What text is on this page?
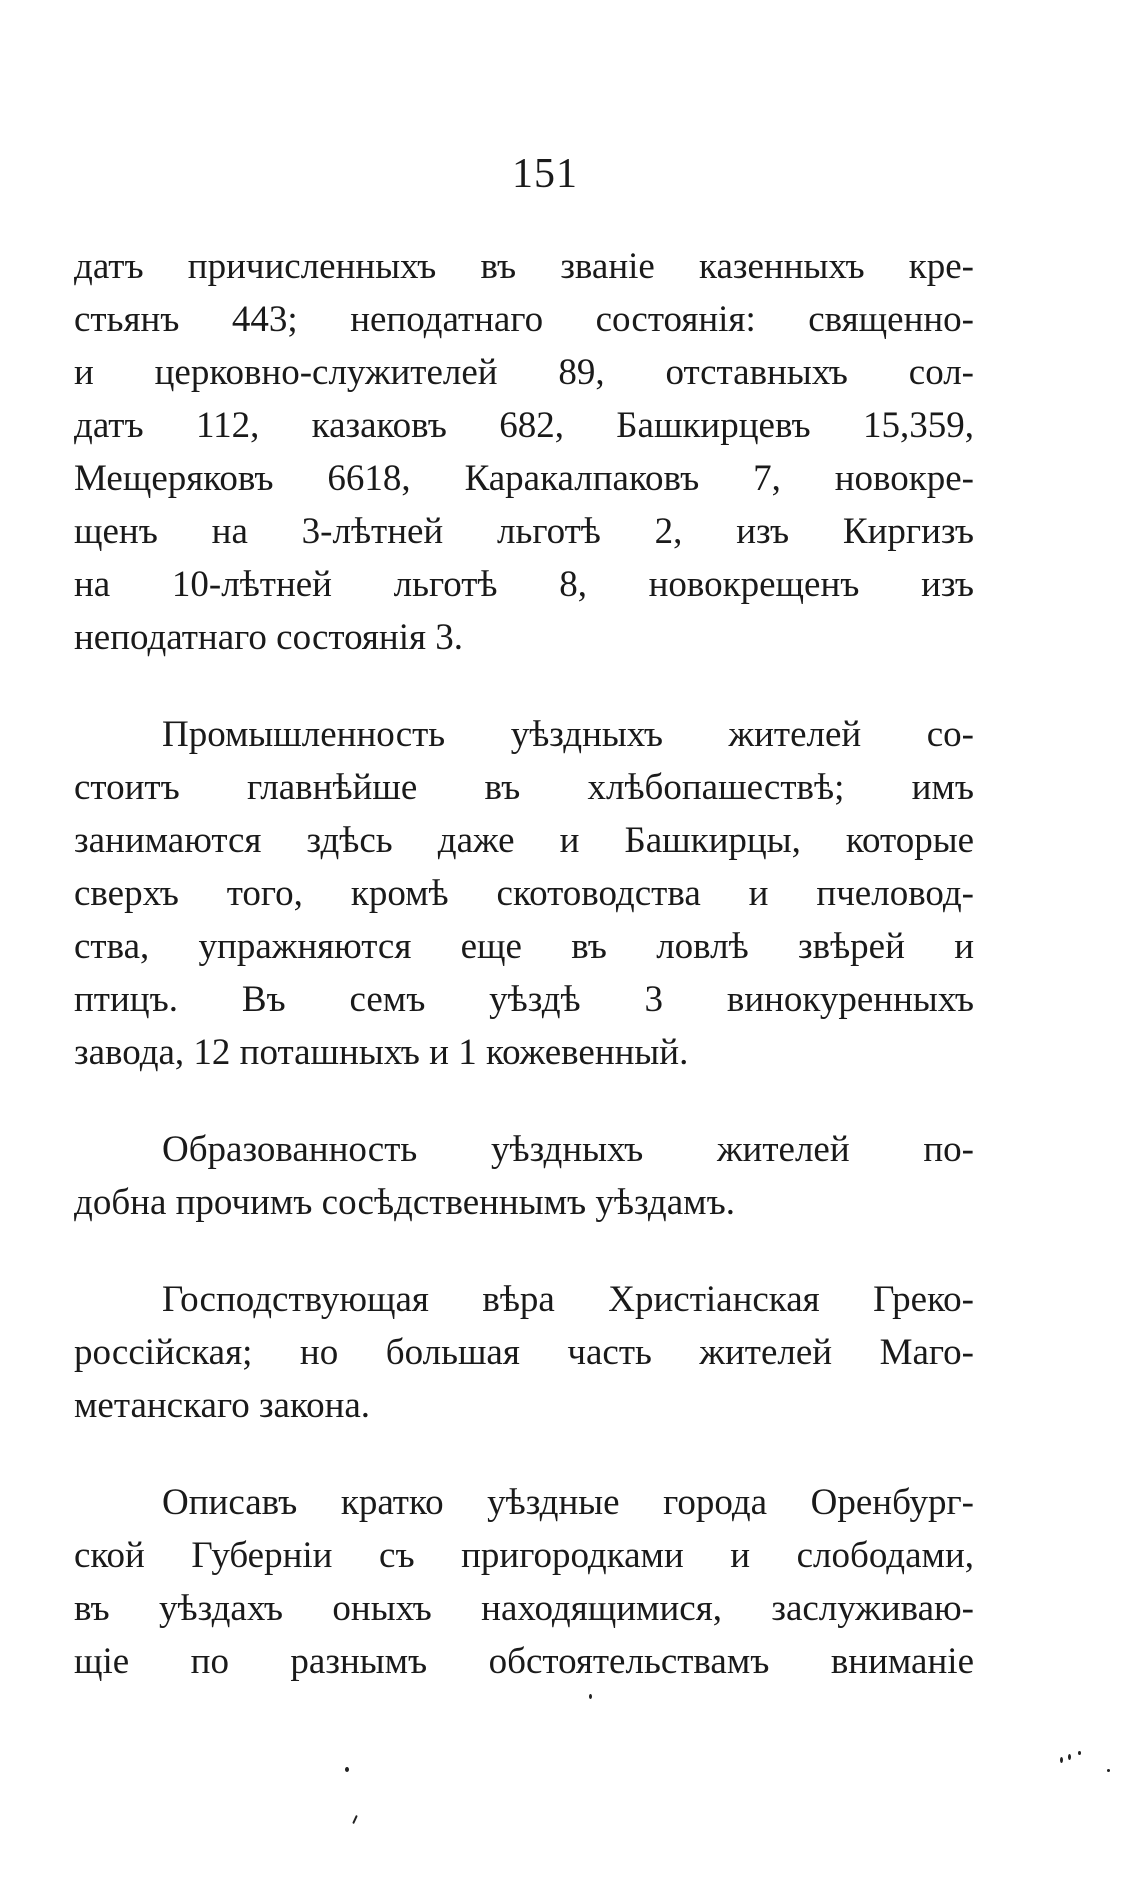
151
датъ причисленныхъ въ званіе казенныхъ кре-
стьянъ 443; неподатнаго состоянія: священно-
и церковно-служителей 89, отставныхъ сол-
датъ 112, казаковъ 682, Башкирцевъ 15,359,
Мещеряковъ 6618, Каракалпаковъ 7, новокре-
щенъ на 3-лѣтней льготѣ 2, изъ Киргизъ
на 10-лѣтней льготѣ 8, новокрещенъ изъ
неподатнаго состоянія 3.
Промышленность уѣздныхъ жителей со-
стоитъ главнѣйше въ хлѣбопашествѣ; имъ
занимаются здѣсь даже и Башкирцы, которые
сверхъ того, кромѣ скотоводства и пчеловод-
ства, упражняются еще въ ловлѣ звѣрей и
птицъ. Въ семъ уѣздѣ 3 винокуренныхъ
завода, 12 поташныхъ и 1 кожевенный.
Образованность уѣздныхъ жителей по-
добна прочимъ сосѣдственнымъ уѣздамъ.
Господствующая вѣра Христіанская Греко-
россійская; но большая часть жителей Маго-
метанскаго закона.
Описавъ кратко уѣздные города Оренбург-
ской Губерніи съ пригородками и слободами,
въ уѣздахъ оныхъ находящимися, заслуживаю-
щіе по разнымъ обстоятельствамъ вниманіе
